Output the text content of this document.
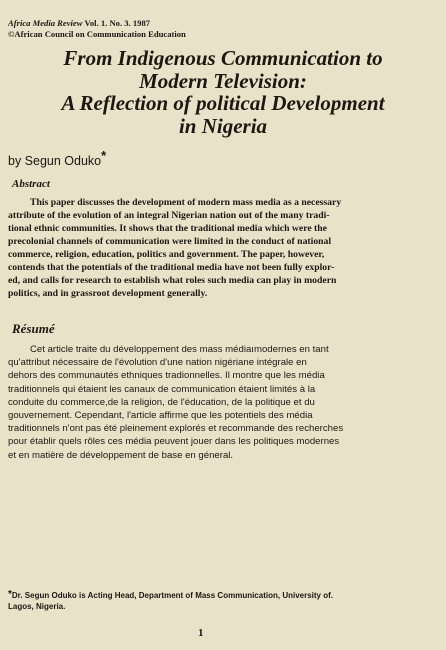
Africa Media Review Vol. 1. No. 3. 1987
©African Council on Communication Education
From Indigenous Communication to
Modern Television:
A Reflection of political Development
in Nigeria
by Segun Oduko*
Abstract

This paper discusses the development of modern mass media as a necessary
attribute of the evolution of an integral Nigerian nation out of the many tradi-
tional ethnic communities. It shows that the traditional media which were the
precolonial channels of communication were limited in the conduct of national
commerce, religion, education, politics and government. The paper, however,
contends that the potentials of the traditional media have not been fully explor-
ed, and calls for research to establish what roles such media can play in modern
politics, and in grassroot development generally.

Résumé

Cet article traite du développement des mass médiaımodernes en tant
qu'attribut nécessaire de l'évolution d'une nation nigériane intégrale en
dehors des communautés ethniques tradionnelles. Il montre que les média
traditionnels qui étaient les canaux de communication étaient limités à la
conduite du commerce,de la religion, de l'éducation, de la politique et du
gouvernement. Cependant, l'article affirme que les potentiels des média
traditionnels n'ont pas été pleinement explorés et recommande des recherches
pour établir quels rôles ces média peuvent jouer dans les politiques modernes
et en matière de développement de base en géneral.

*Dr. Segun Oduko is Acting Head, Department of Mass Communication, University of.
Lagos, Nigeria.
1
